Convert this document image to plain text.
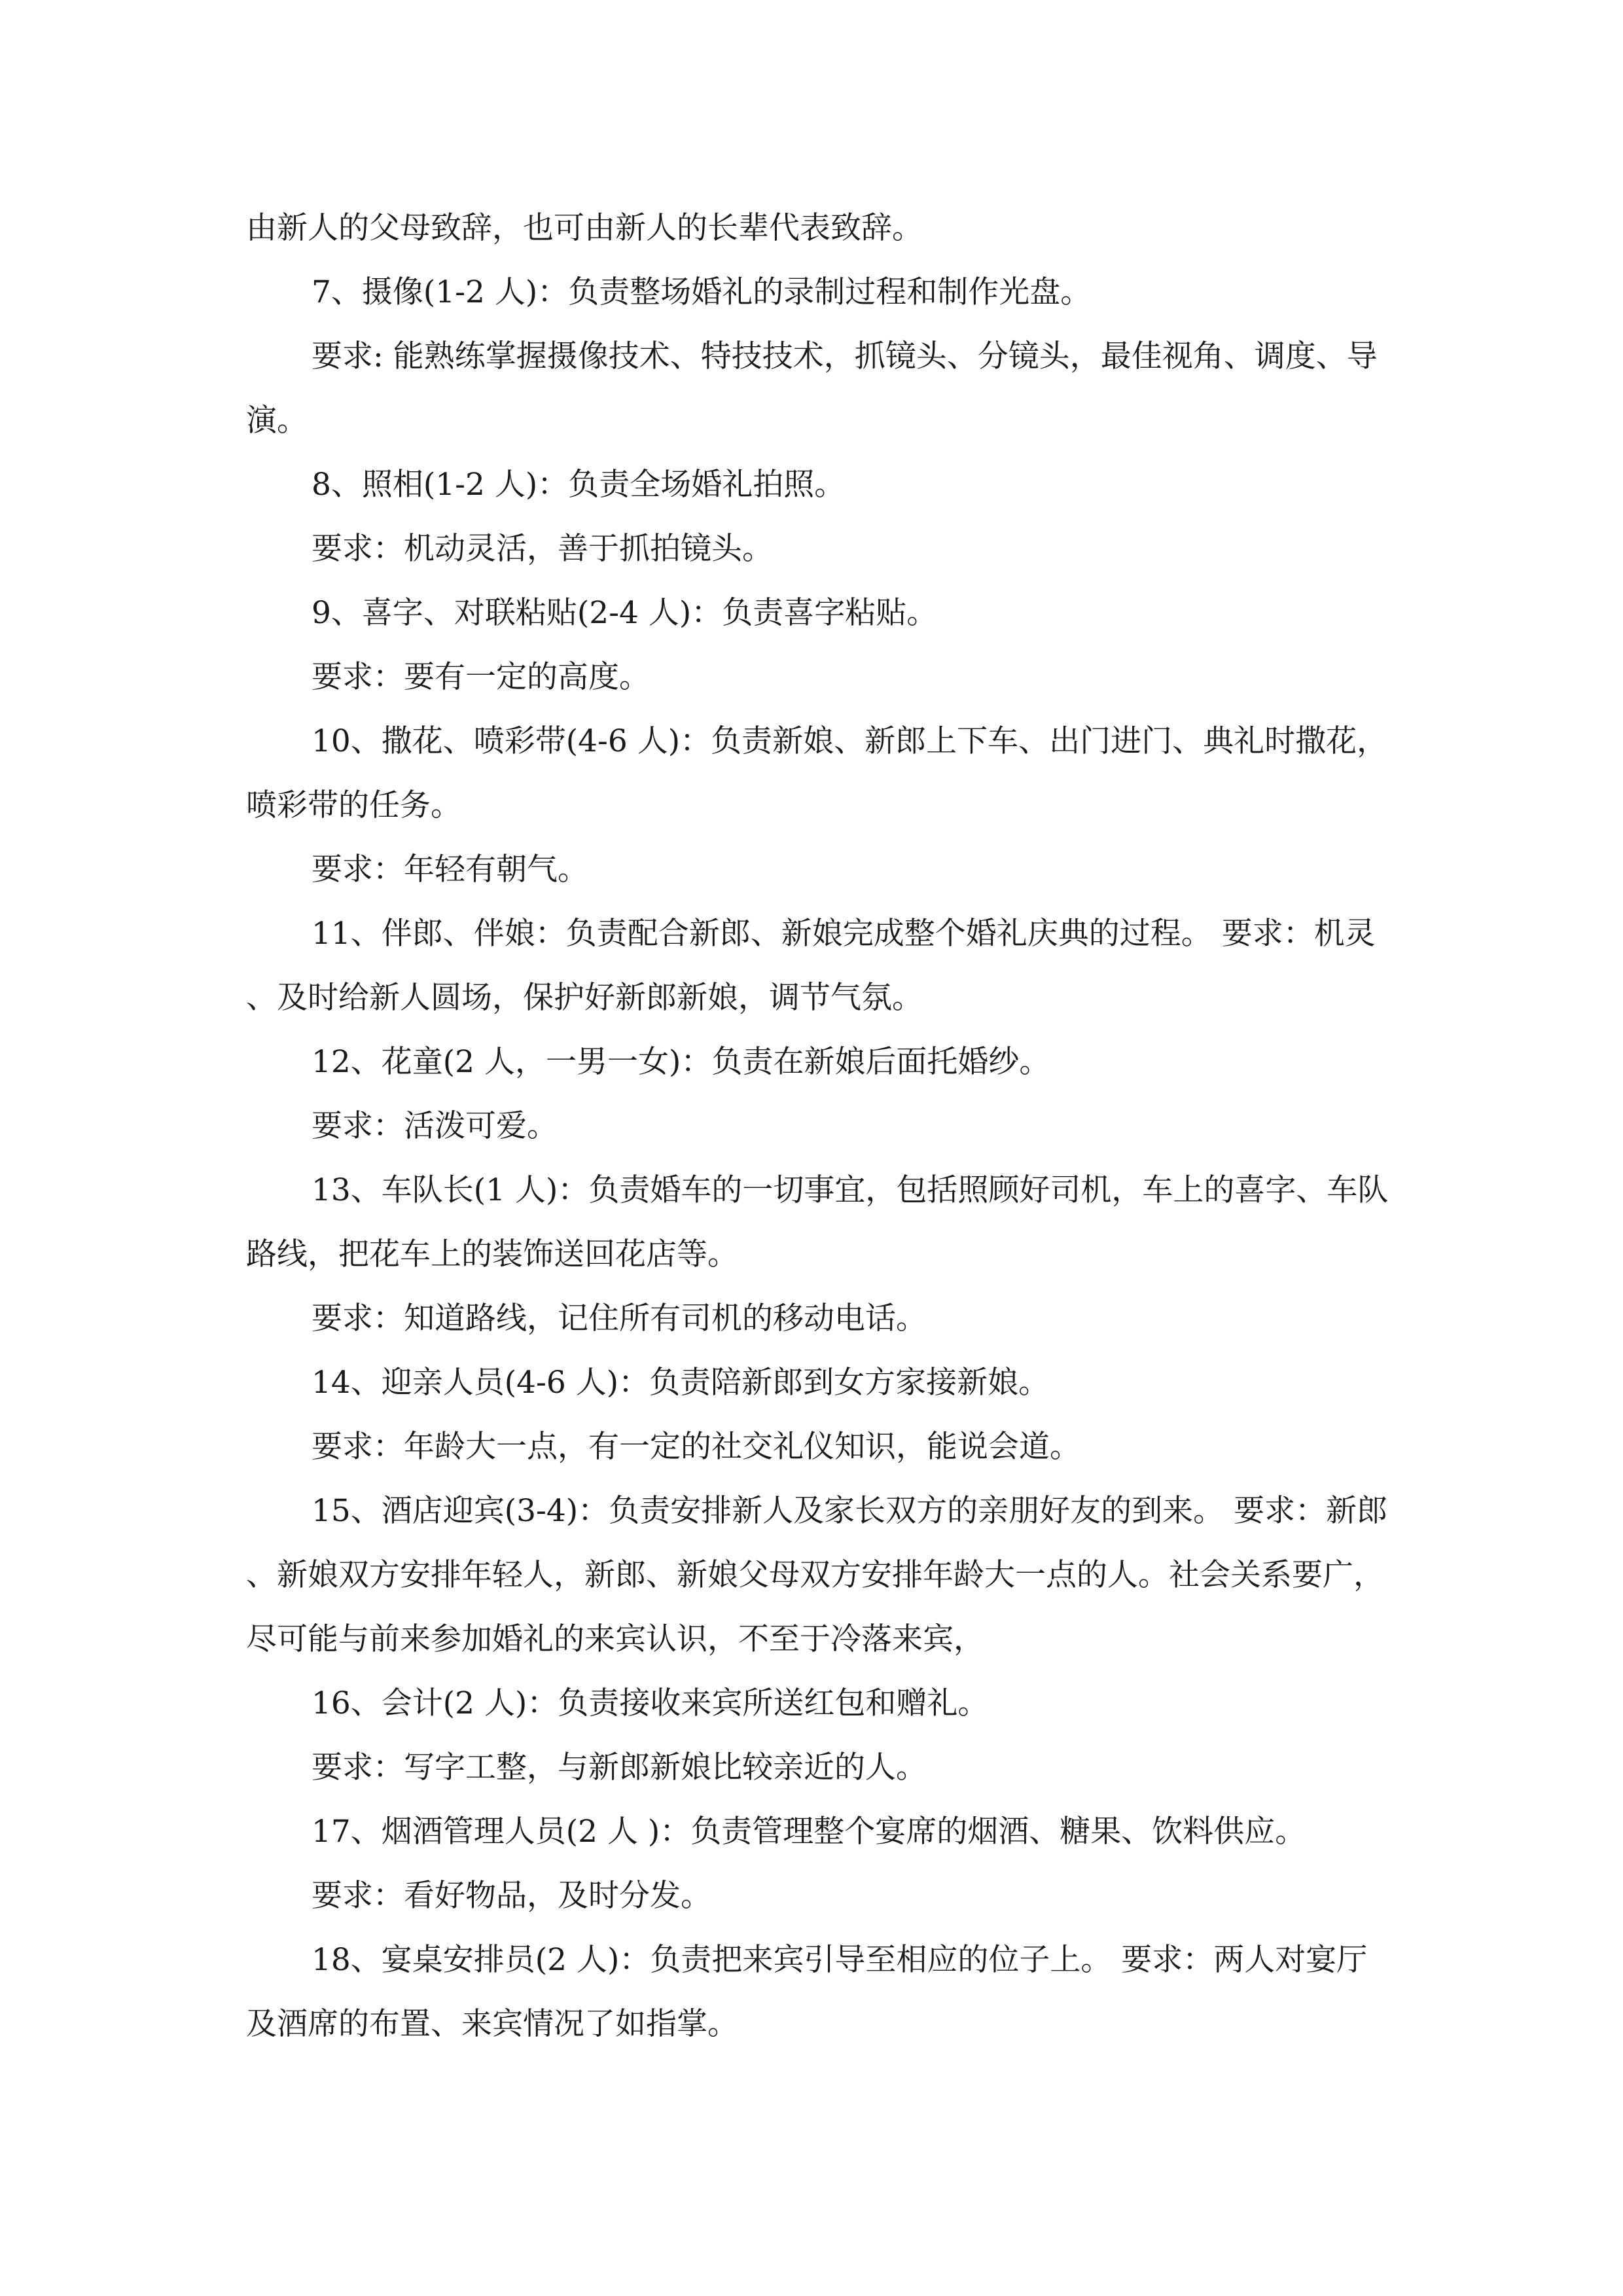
由新人的父母致辞，也可由新人的长辈代表致辞。

7、摄像(1-2 人)：负责整场婚礼的录制过程和制作光盘。

要求: 能熟练掌握摄像技术、特技技术，抓镜头、分镜头，最佳视角、调度、导演。

8、照相(1-2 人)：负责全场婚礼拍照。

要求：机动灵活，善于抓拍镜头。

9、喜字、对联粘贴(2-4 人)：负责喜字粘贴。

要求：要有一定的高度。

10、撒花、喷彩带(4-6 人)：负责新娘、新郎上下车、出门进门、典礼时撒花，喷彩带的任务。

要求：年轻有朝气。

11、伴郎、伴娘：负责配合新郎、新娘完成整个婚礼庆典的过程。 要求：机灵、及时给新人圆场，保护好新郎新娘，调节气氛。

12、花童(2 人，一男一女)：负责在新娘后面托婚纱。

要求：活泼可爱。

13、车队长(1 人)：负责婚车的一切事宜，包括照顾好司机，车上的喜字、车队路线，把花车上的装饰送回花店等。

要求：知道路线，记住所有司机的移动电话。

14、迎亲人员(4-6 人)：负责陪新郎到女方家接新娘。

要求：年龄大一点，有一定的社交礼仪知识，能说会道。

15、酒店迎宾(3-4)：负责安排新人及家长双方的亲朋好友的到来。 要求：新郎、新娘双方安排年轻人，新郎、新娘父母双方安排年龄大一点的人。社会关系要广，尽可能与前来参加婚礼的来宾认识，不至于冷落来宾，

16、会计(2 人)：负责接收来宾所送红包和赠礼。

要求：写字工整，与新郎新娘比较亲近的人。

17、烟酒管理人员(2 人 )：负责管理整个宴席的烟酒、糖果、饮料供应。

要求：看好物品，及时分发。

18、宴桌安排员(2 人)：负责把来宾引导至相应的位子上。 要求：两人对宴厅及酒席的布置、来宾情况了如指掌。
